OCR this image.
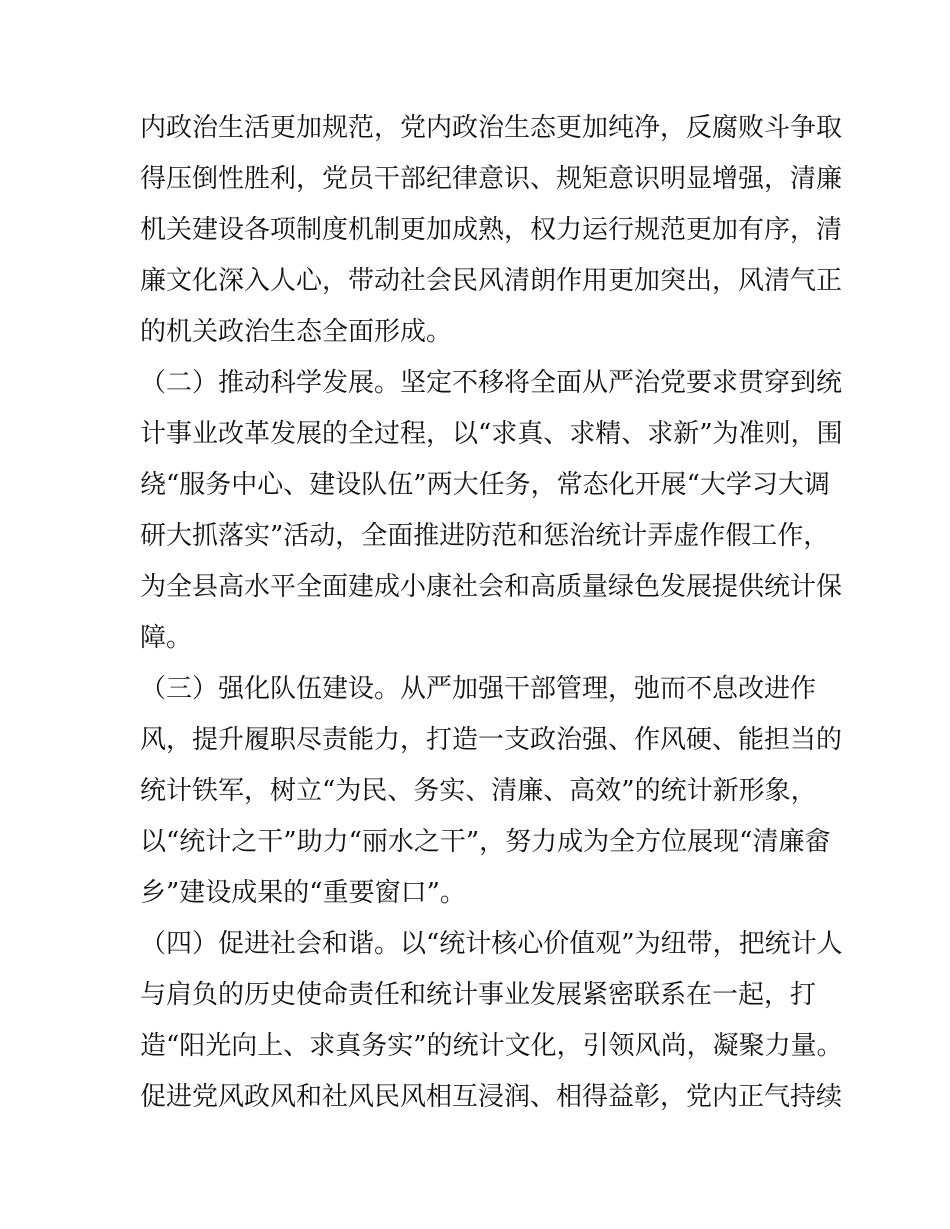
内政治生活更加规范，党内政治生态更加纯净，反腐败斗争取
得压倒性胜利，党员干部纪律意识、规矩意识明显增强，清廉
机关建设各项制度机制更加成熟，权力运行规范更加有序，清
廉文化深入人心，带动社会民风清朗作用更加突出，风清气正
的机关政治生态全面形成。
（二）推动科学发展。坚定不移将全面从严治党要求贯穿到统
计事业改革发展的全过程，以“求真、求精、求新”为准则，围
绕“服务中心、建设队伍”两大任务，常态化开展“大学习大调
研大抓落实”活动，全面推进防范和惩治统计弄虚作假工作，
为全县高水平全面建成小康社会和高质量绿色发展提供统计保
障。
（三）强化队伍建设。从严加强干部管理，弛而不息改进作
风，提升履职尽责能力，打造一支政治强、作风硬、能担当的
统计铁军，树立“为民、务实、清廉、高效”的统计新形象，
以“统计之干”助力“丽水之干”，努力成为全方位展现“清廉畲
乡”建设成果的“重要窗口”。
（四）促进社会和谐。以“统计核心价值观”为纽带，把统计人
与肩负的历史使命责任和统计事业发展紧密联系在一起，打
造“阳光向上、求真务实”的统计文化，引领风尚，凝聚力量。
促进党风政风和社风民风相互浸润、相得益彰，党内正气持续
